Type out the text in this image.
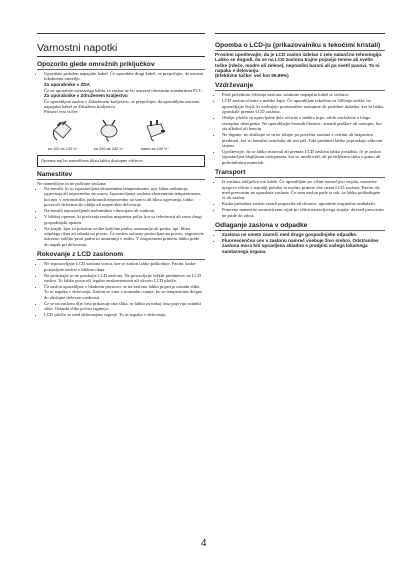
Varnostni napotki
Opozorilo glede omrežnih priključkov
• Uporabite priložen napajalni kabel. Če uporabite drugi kabel, se prepričajte, da ustreza lokalnemu omrežju.

Za uporabnike v ZDA

Če ne uporabite ustreznega kabla, ta zaslon ne bo ustrezal obveznim standardom FCC.

Za uporabnike v Združenem kraljestvu

Če uporabljate zaslon v Združenem kraljestvu, se prepričajte, da uporabljate ustrezni napajalni kabel za Združeno kraljestvo.

Primeri vrst vtičev

za 100 do 120 V~	za 200 do 240 V~	samo za 240 V~
Oprema naj bo nameščena blizu lahko dostopne vtičnice.
Namestitev

Ne nameščajte in ne puščajte zaslona:

• Na mestih, ki so izpostavljena ekstremnim temperaturam, npr. blizu radiatorja, ogrevanja ali neposredno na soncu. Izpostavljanje zaslona ekstremnim temperaturam, kot npr. v avtomobilih, parkiranih neposredno na soncu ali blizu ogrevanja, lahko povzroči deformacije ohišja ali nepravilno delovanje.
• Na mestih izpostavljenih mehanskim vibracijam ali sunkom.
• V bližini opreme, ki proizvaja močna magnetna polja, kot so televizorji ali razni drugi gospodinjski aparati.
• Na krajih, kjer so prisotne velike količine prahu, umazanije ali peska, npr. blizu odprtega okna ali izhoda na prosto. Če zaslon začasno postavljate na prosto, zagotovite ustrezno zaščito proti prahu in umazaniji v zraku. V nasprotnem primeru lahko pride do napak pri delovanju.
Rokovanje z LCD zaslonom
• Ne izpostavljajte LCD zaslona soncu, ker se zaslon lahko poškoduje. Pazite, kadar postavljate zaslon v bližino okna.
• Ne pritiskajte in ne praskajte LCD zaslona. Ne postavljajte težkih predmetov na LCD zaslon. To lahko povzroči izgubo enakomernosti ali okvaro LCD plošče.
• Če zaslon uporabljate v hladnem prostoru, se na zaslonu lahko pojavijo ostanki slike. To ni napaka v delovanju. Zaslon se vrne v normalno stanje, ko se temperatura dvigne do običajne delovne vrednosti.
• Če se na zaslonu dlje časa prikazuje ista slika, se lahko za nekaj časa pojavijo ostanki slike. Ostanki slike počasi izginejo.
• LCD plošča se med delovanjem segreje. To ni napaka v delovanju.
Opomba o LCD-ju (prikazovalniku s tekočimi kristali)

Prosimo upoštevajte, da je LCD zaslon izdelan z zelo natančno tehnologijo. Lahko se dogodi, da se na LCD zaslonu trajno pojavijo temne ali svetle točke (rdeče, modre ali zelene), nepravilni barvni ali pa svetli pasovi. To ni napaka v delovanju.

(Efektivne točke: več kot 99,99%)

Vzdrževanje
• Pred pričetkom čiščenja zaslona, iztaknite napajalni kabel iz vtičnice.
• LCD zaslon očistite z mehko krpo. Če uporabljate tekočino za čiščenje stekla, ne uporabljajte čistil, ki vsebujejo protistatične raztopine ali podobne dodatke, ker bi lahko opraskale premaz LCD zaslona.
• Ohišje, ploščo in upravljalne dele očistite z mehko krpo, rahlo navlaženo z blago raztopino detergenta. Ne uporabljajte brusnih blazinic, zrnatih praškov ali raztopin, kot sta alkohol ali bencin.
• Ne drgnite, ne dotikajte se in ne trkajte po površini zaslona z ostrimi ali hrapavimi predmeti, kot so kemični svinčniki ali izvijači. Taki predmeti lahko popraskajo slikovni sistem.
• Upoštevajte, da se lahko material ali premaz LCD zaslona lahko poslabša, če je zaslon izpostavljen hlapljivim raztopinam, kot so insekticidi, ali pa daljšemu stiku z gumo ali polivinilnimi materiali.
Transport
• Iz zaslona izključite vse kable. Če uporabljate po višini nastavljivo stojalo, nastavite njegovo višino v najnižji položaj in močno primite obe strani LCD zaslona. Pazite, da med prevozom ne opraskate zaslona. Če vam zaslon pade iz rok, se lahko poškodujete vi ali zaslon.
• Kadar prenašate zaslon zaradi popravila ali dostave, uporabite originalno embalažo.
• Ponovno namestite zaustavitveni vijak po višini nastavljivega stojala, da med prevozom ne pride do zdrsa.
Odlaganje zaslona v odpadke
• Zaslona ne smete zavreči med druge gospodinjske odpadke.
• Fluorescenčna cev v zaslonu namreč vsebuje živo srebro. Odstranitev zaslona mora biti opravljena skladno s predpisi vašega lokalnega sanitarnega organa.
4
